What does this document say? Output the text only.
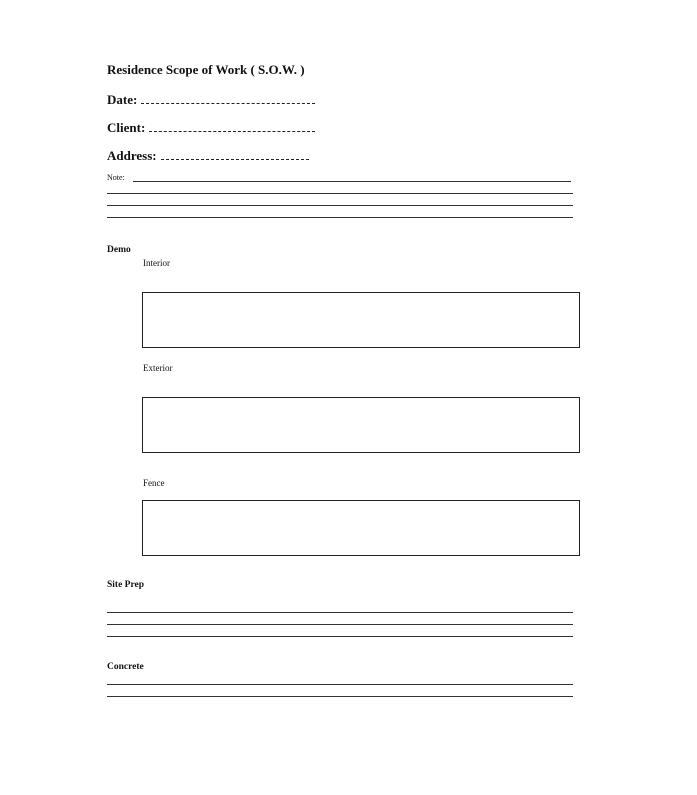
Residence Scope of Work ( S.O.W. )
Date:
Client:
Address:
Note:
Demo
Interior
Exterior
Fence
Site Prep
Concrete
